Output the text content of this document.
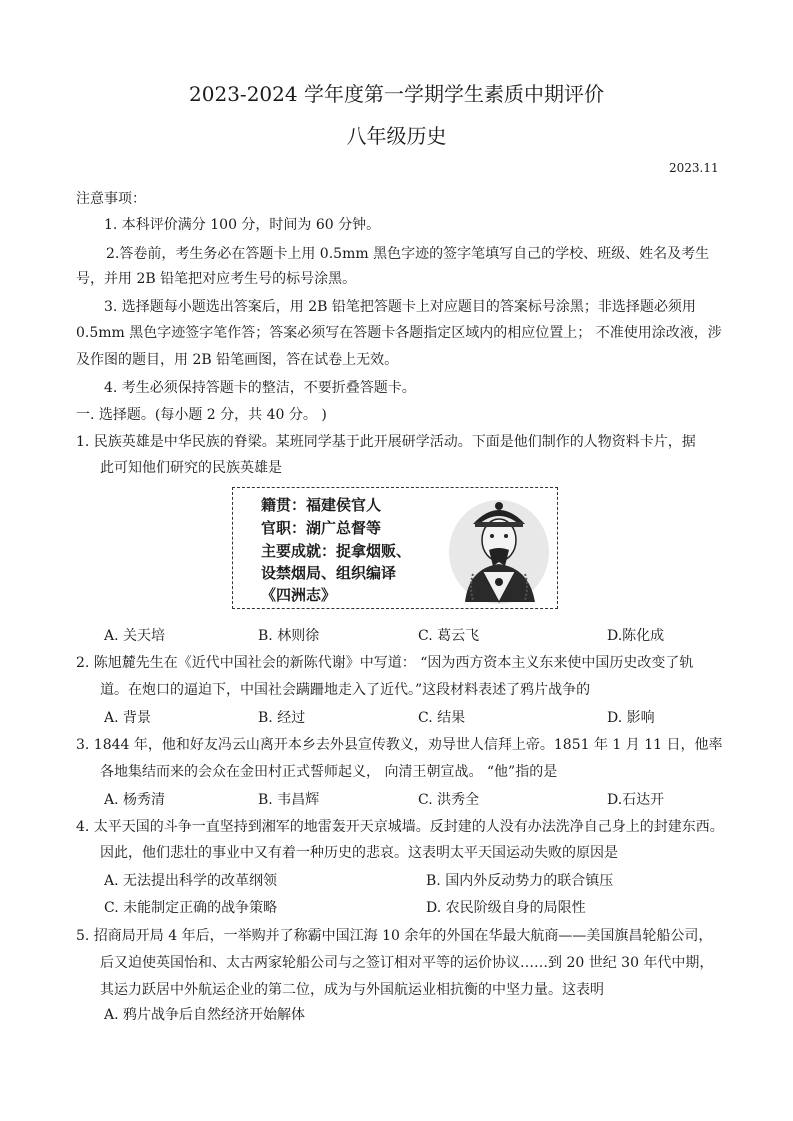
2023-2024 学年度第一学期学生素质中期评价
八年级历史
2023.11
注意事项：
1. 本科评价满分 100 分，时间为 60 分钟。
2.答卷前，考生务必在答题卡上用 0.5mm 黑色字迹的签字笔填写自己的学校、班级、姓名及考生
号，并用 2B 铅笔把对应考生号的标号涂黑。
3. 选择题每小题选出答案后，用 2B 铅笔把答题卡上对应题目的答案标号涂黑；非选择题必须用
0.5mm 黑色字迹签字笔作答；答案必须写在答题卡各题指定区域内的相应位置上； 不准使用涂改液，涉
及作图的题目，用 2B 铅笔画图，答在试卷上无效。
4. 考生必须保持答题卡的整洁，不要折叠答题卡。
一. 选择题。(每小题 2 分，共 40 分。 )
1. 民族英雄是中华民族的脊梁。某班同学基于此开展研学活动。下面是他们制作的人物资料卡片，据
此可知他们研究的民族英雄是
籍贯：福建侯官人
官职：湖广总督等
主要成就：捉拿烟贩、
设禁烟局、组织编译
《四洲志》
A. 关天培	B. 林则徐	C. 葛云飞	D.陈化成
2. 陈旭麓先生在《近代中国社会的新陈代谢》中写道： “因为西方资本主义东来使中国历史改变了轨
道。在炮口的逼迫下，中国社会蹒跚地走入了近代。”这段材料表述了鸦片战争的
A. 背景	B. 经过	C. 结果	D. 影响
3. 1844 年，他和好友冯云山离开本乡去外县宣传教义，劝导世人信拜上帝。1851 年 1 月 11 日，他率
各地集结而来的会众在金田村正式誓师起义， 向清王朝宣战。 “他”指的是
A. 杨秀清	B. 韦昌辉	C. 洪秀全	D.石达开
4. 太平天国的斗争一直坚持到湘军的地雷轰开天京城墙。反封建的人没有办法洗净自己身上的封建东西。
因此，他们悲壮的事业中又有着一种历史的悲哀。这表明太平天国运动失败的原因是
A. 无法提出科学的改革纲领	B. 国内外反动势力的联合镇压
C. 未能制定正确的战争策略	D. 农民阶级自身的局限性
5. 招商局开局 4 年后，一举购并了称霸中国江海 10 余年的外国在华最大航商——美国旗昌轮船公司，
后又迫使英国怡和、太古两家轮船公司与之签订相对平等的运价协议……到 20 世纪 30 年代中期，
其运力跃居中外航运企业的第二位，成为与外国航运业相抗衡的中坚力量。这表明
A. 鸦片战争后自然经济开始解体
